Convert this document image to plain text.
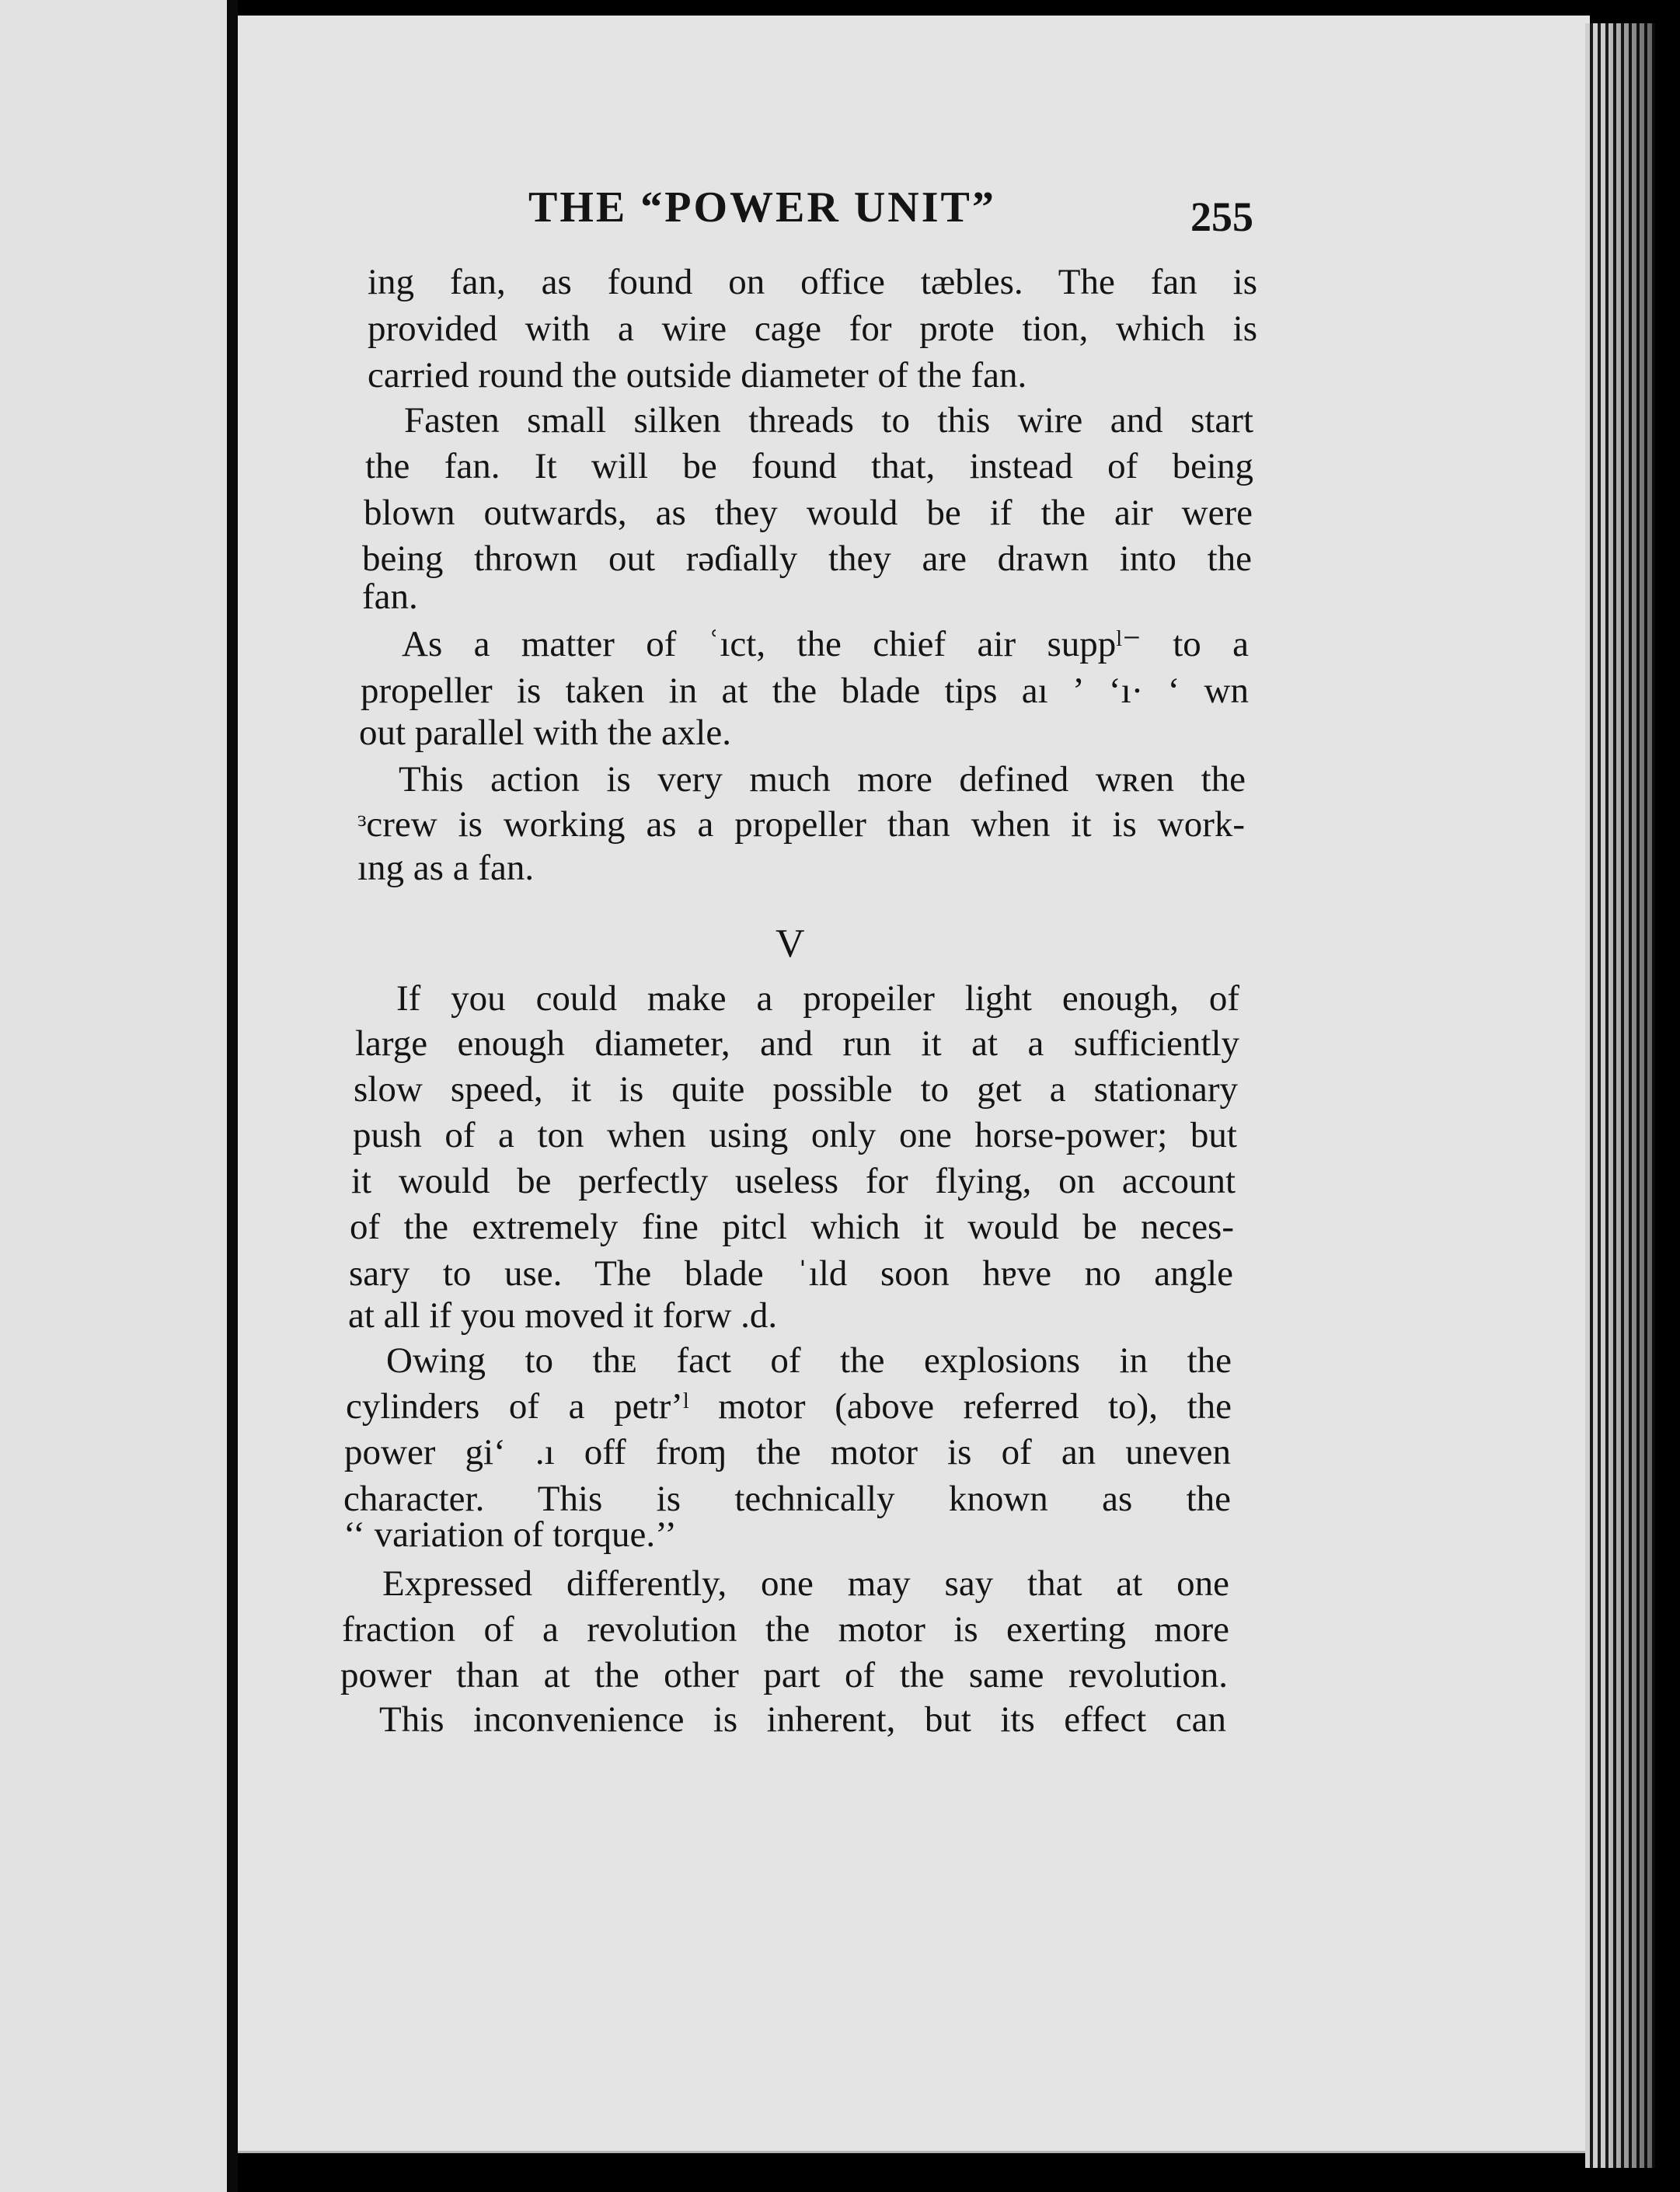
THE “POWER UNIT”	255
ing fan, as found on office tæbles. The fan is
provided with а wire cage for prote tion, which is
carried round the outside diameter of the fan.
Fasten small silken threads to this wire and start
the fan. It will be found that, instead of being
blown outwards, as they would be if the аir were
being thrown out rəɗially they are drawn into the
fan.
As a matter of ʿıct, the chief air suppˡ⁻ to a
propeller is taken in at the blade tips aı ʼ ʻı· ʻ wn
out parallel with the axle.
This action is very much more defined wʀen the
ᵌcrew is working as a propeller than when it is work-
ıng as a fan.
V
If you could make a propeiler light enough, of
large enough diameter, and run it at a sufficiently
slow speed, it is quite possible to get a stationary
push of a ton when using only one horse-power; but
it would be perfectly useless for flying, on account
of the extremely fine pitcl which it would be neces-
sary to use. The blade ˈıld soon hɐve no angle
at all if you moved it forw .d.
Owing to thᴇ fact of the explosions in the
cylinders of a petrʼˡ motor (above referred to), the
power giʻ .ı off froɱ the motor is of an uneven
character. This is technically known as the
‘‘ variation of torque.’’
Expressed differently, one may say that at one
fraction of a revolution the motor is exerting more
power than at the other part of the same revolution.
This inconvenience is inherent, but its effect can
